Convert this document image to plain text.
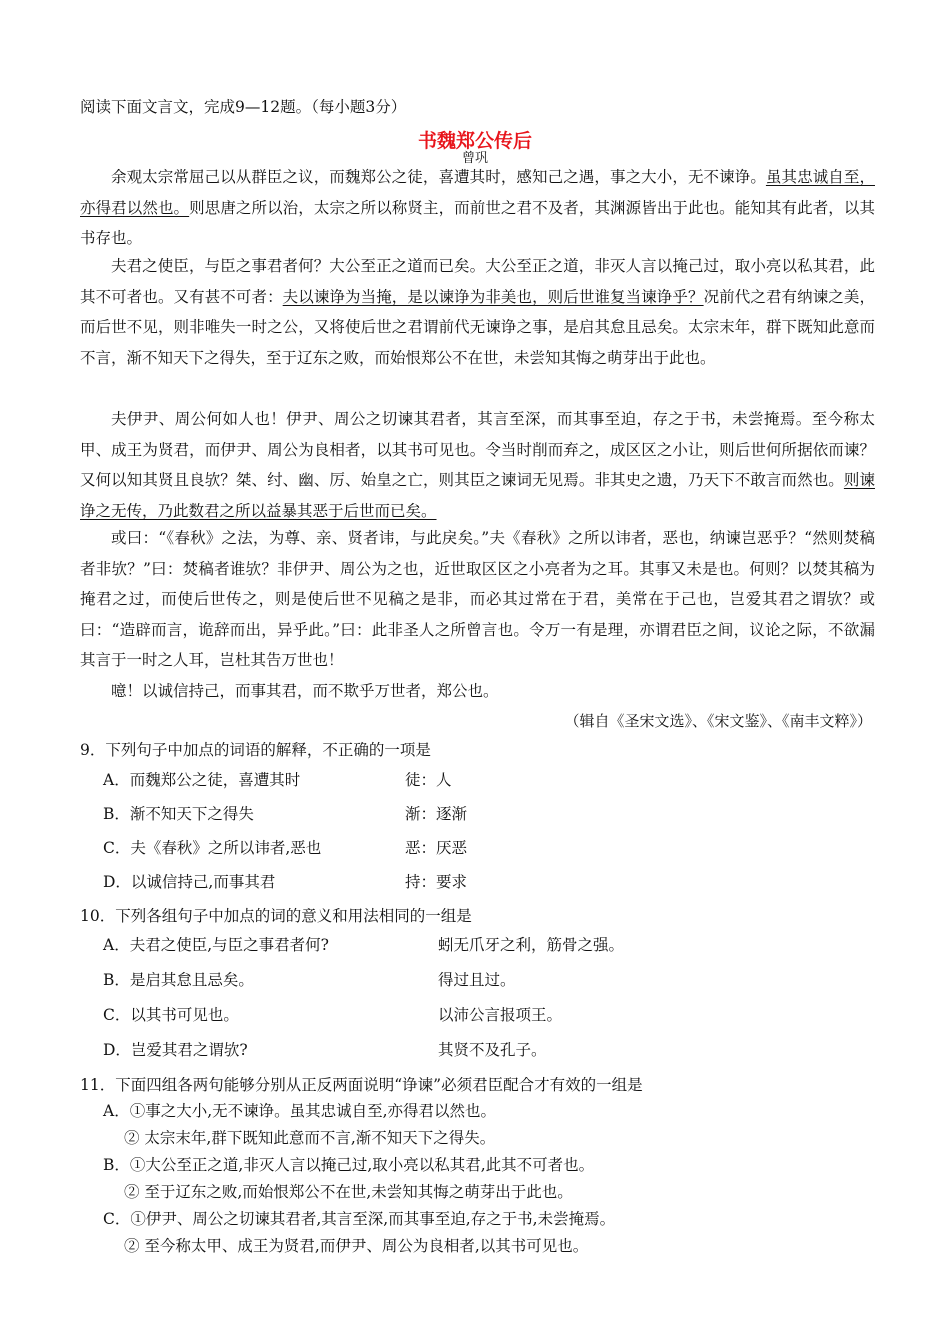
阅读下面文言文，完成9—12题。（每小题3分）
书魏郑公传后
曾巩

余观太宗常屈己以从群臣之议，而魏郑公之徒，喜遭其时，感知己之遇，事之大小，无不谏诤。虽其忠诚自至，亦得君以然也。则思唐之所以治，太宗之所以称贤主，而前世之君不及者，其渊源皆出于此也。能知其有此者，以其书存也。

夫君之使臣，与臣之事君者何？大公至正之道而已矣。大公至正之道，非灭人言以掩己过，取小亮以私其君，此其不可者也。又有甚不可者：夫以谏诤为当掩，是以谏诤为非美也，则后世谁复当谏诤乎？况前代之君有纳谏之美，而后世不见，则非唯失一时之公，又将使后世之君谓前代无谏诤之事，是启其怠且忌矣。太宗末年，群下既知此意而不言，渐不知天下之得失，至于辽东之败，而始恨郑公不在世，未尝知其悔之萌芽出于此也。

夫伊尹、周公何如人也！伊尹、周公之切谏其君者，其言至深，而其事至迫，存之于书，未尝掩焉。至今称太甲、成王为贤君，而伊尹、周公为良相者，以其书可见也。令当时削而弃之，成区区之小让，则后世何所据依而谏？又何以知其贤且良欤？桀、纣、幽、厉、始皇之亡，则其臣之谏词无见焉。非其史之遗，乃天下不敢言而然也。则谏诤之无传，乃此数君之所以益暴其恶于后世而已矣。

或曰：“《春秋》之法，为尊、亲、贤者讳，与此戾矣。”夫《春秋》之所以讳者，恶也，纳谏岂恶乎？“然则焚稿者非欤？”曰：焚稿者谁欤？非伊尹、周公为之也，近世取区区之小亮者为之耳。其事又未是也。何则？以焚其稿为掩君之过，而使后世传之，则是使后世不见稿之是非，而必其过常在于君，美常在于己也，岂爱其君之谓欤？或曰：“造辟而言，诡辞而出，异乎此。”曰：此非圣人之所曾言也。令万一有是理，亦谓君臣之间，议论之际，不欲漏其言于一时之人耳，岂杜其告万世也！

噫！以诚信持己，而事其君，而不欺乎万世者，郑公也。

（辑自《圣宋文选》、《宋文鉴》、《南丰文粹》）
9．下列句子中加点的词语的解释，不正确的一项是
A．而魏郑公之徒，喜遭其时	徒：人
B．渐不知天下之得失	渐：逐渐
C．夫《春秋》之所以讳者,恶也	恶：厌恶
D．以诚信持己,而事其君	持：要求
10．下列各组句子中加点的词的意义和用法相同的一组是
A．夫君之使臣,与臣之事君者何?	蚓无爪牙之利，筋骨之强。
B．是启其怠且忌矣。	得过且过。
C．以其书可见也。	以沛公言报项王。
D．岂爱其君之谓欤?	其贤不及孔子。
11．下面四组各两句能够分别从正反两面说明“诤谏”必须君臣配合才有效的一组是
A．①事之大小,无不谏诤。虽其忠诚自至,亦得君以然也。
② 太宗末年,群下既知此意而不言,渐不知天下之得失。
B．①大公至正之道,非灭人言以掩己过,取小亮以私其君,此其不可者也。
② 至于辽东之败,而始恨郑公不在世,未尝知其悔之萌芽出于此也。
C．①伊尹、周公之切谏其君者,其言至深,而其事至迫,存之于书,未尝掩焉。
② 至今称太甲、成王为贤君,而伊尹、周公为良相者,以其书可见也。
